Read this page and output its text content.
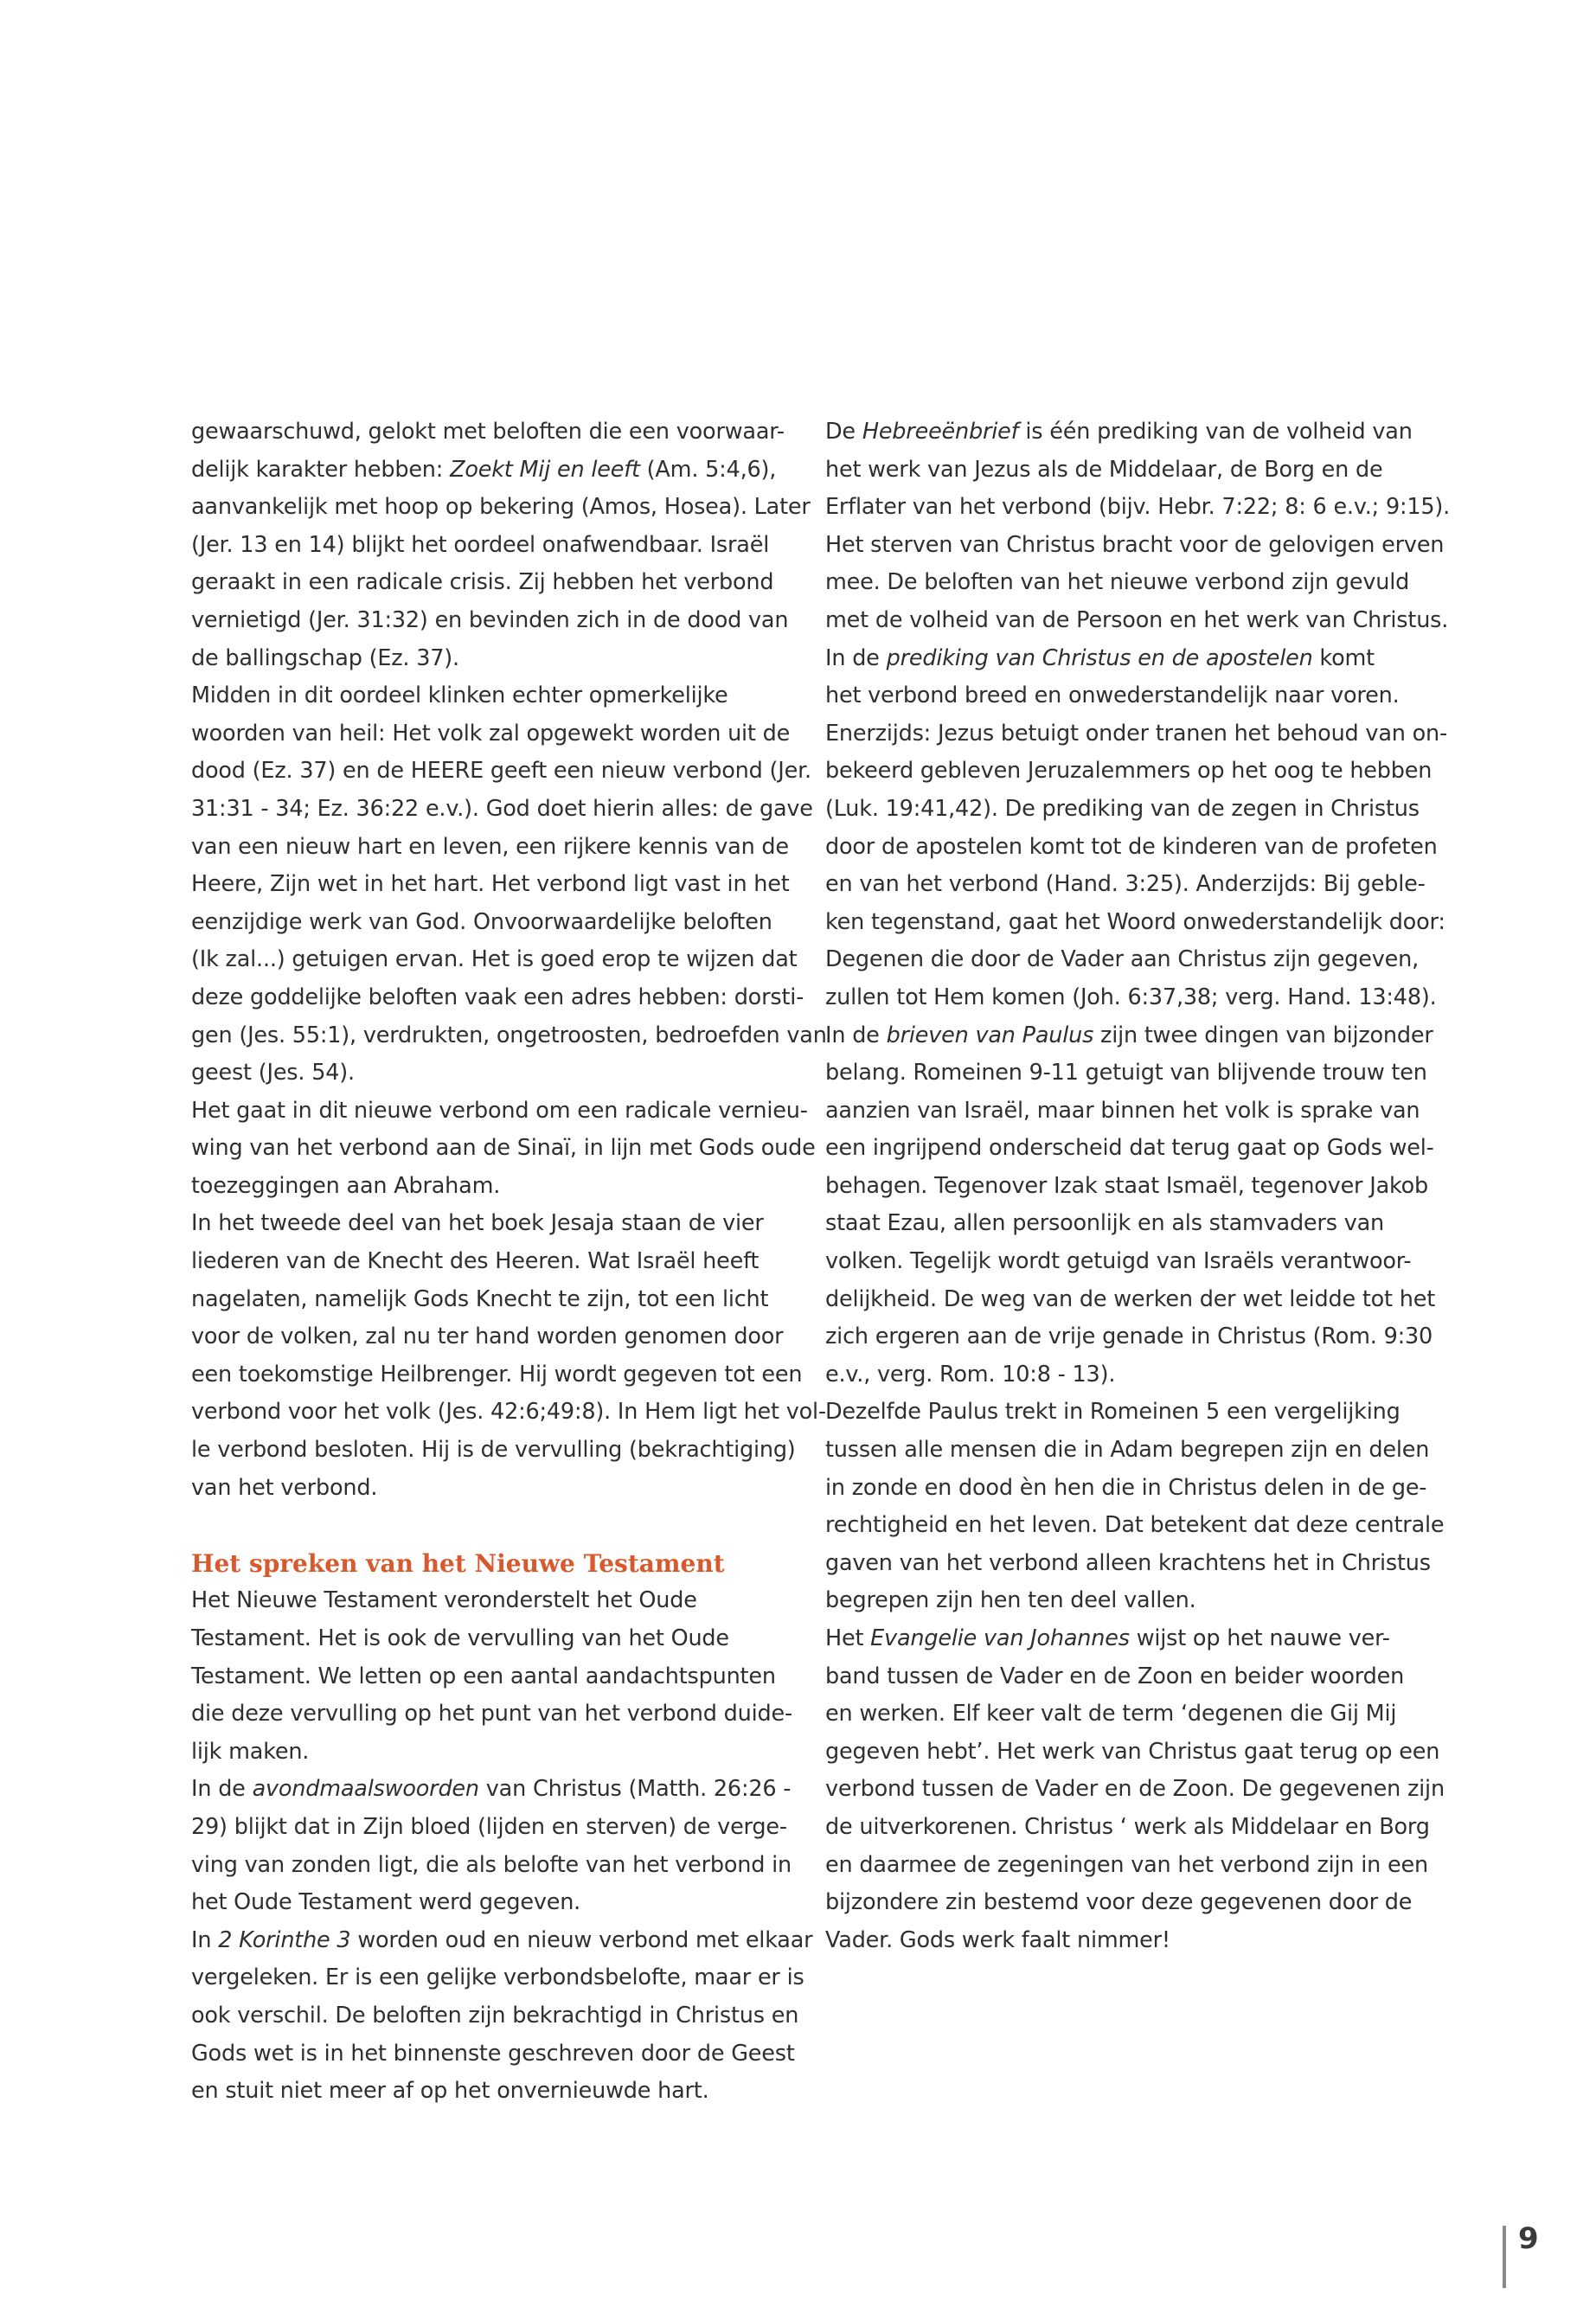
gewaarschuwd, gelokt met beloften die een voorwaar-
delijk karakter hebben: Zoekt Mij en leeft (Am. 5:4,6),
aanvankelijk met hoop op bekering (Amos, Hosea). Later
(Jer. 13 en 14) blijkt het oordeel onafwendbaar. Israël
geraakt in een radicale crisis. Zij hebben het verbond
vernietigd (Jer. 31:32) en bevinden zich in de dood van
de ballingschap (Ez. 37).
Midden in dit oordeel klinken echter opmerkelijke
woorden van heil: Het volk zal opgewekt worden uit de
dood (Ez. 37) en de HEERE geeft een nieuw verbond (Jer.
31:31 - 34; Ez. 36:22 e.v.). God doet hierin alles: de gave
van een nieuw hart en leven, een rijkere kennis van de
Heere, Zijn wet in het hart. Het verbond ligt vast in het
eenzijdige werk van God. Onvoorwaardelijke beloften
(Ik zal...) getuigen ervan. Het is goed erop te wijzen dat
deze goddelijke beloften vaak een adres hebben: dorsti-
gen (Jes. 55:1), verdrukten, ongetroosten, bedroefden van
geest (Jes. 54).
Het gaat in dit nieuwe verbond om een radicale vernieu-
wing van het verbond aan de Sinaï, in lijn met Gods oude
toezeggingen aan Abraham.
In het tweede deel van het boek Jesaja staan de vier
liederen van de Knecht des Heeren. Wat Israël heeft
nagelaten, namelijk Gods Knecht te zijn, tot een licht
voor de volken, zal nu ter hand worden genomen door
een toekomstige Heilbrenger. Hij wordt gegeven tot een
verbond voor het volk (Jes. 42:6;49:8). In Hem ligt het vol-
le verbond besloten. Hij is de vervulling (bekrachtiging)
van het verbond.
Het spreken van het Nieuwe Testament
Het Nieuwe Testament veronderstelt het Oude
Testament. Het is ook de vervulling van het Oude
Testament. We letten op een aantal aandachtspunten
die deze vervulling op het punt van het verbond duide-
lijk maken.
In de avondmaalswoorden van Christus (Matth. 26:26 -
29) blijkt dat in Zijn bloed (lijden en sterven) de verge-
ving van zonden ligt, die als belofte van het verbond in
het Oude Testament werd gegeven.
In 2 Korinthe 3 worden oud en nieuw verbond met elkaar
vergeleken. Er is een gelijke verbondsbelofte, maar er is
ook verschil. De beloften zijn bekrachtigd in Christus en
Gods wet is in het binnenste geschreven door de Geest
en stuit niet meer af op het onvernieuwde hart.
De Hebreeënbrief is één prediking van de volheid van
het werk van Jezus als de Middelaar, de Borg en de
Erflater van het verbond (bijv. Hebr. 7:22; 8: 6 e.v.; 9:15).
Het sterven van Christus bracht voor de gelovigen erven
mee. De beloften van het nieuwe verbond zijn gevuld
met de volheid van de Persoon en het werk van Christus.
In de prediking van Christus en de apostelen komt
het verbond breed en onwederstandelijk naar voren.
Enerzijds: Jezus betuigt onder tranen het behoud van on-
bekeerd gebleven Jeruzalemmers op het oog te hebben
(Luk. 19:41,42). De prediking van de zegen in Christus
door de apostelen komt tot de kinderen van de profeten
en van het verbond (Hand. 3:25). Anderzijds: Bij geble-
ken tegenstand, gaat het Woord onwederstandelijk door:
Degenen die door de Vader aan Christus zijn gegeven,
zullen tot Hem komen (Joh. 6:37,38; verg. Hand. 13:48).
In de brieven van Paulus zijn twee dingen van bijzonder
belang. Romeinen 9-11 getuigt van blijvende trouw ten
aanzien van Israël, maar binnen het volk is sprake van
een ingrijpend onderscheid dat terug gaat op Gods wel-
behagen. Tegenover Izak staat Ismaël, tegenover Jakob
staat Ezau, allen persoonlijk en als stamvaders van
volken. Tegelijk wordt getuigd van Israëls verantwoor-
delijkheid. De weg van de werken der wet leidde tot het
zich ergeren aan de vrije genade in Christus (Rom. 9:30
e.v., verg. Rom. 10:8 - 13).
Dezelfde Paulus trekt in Romeinen 5 een vergelijking
tussen alle mensen die in Adam begrepen zijn en delen
in zonde en dood èn hen die in Christus delen in de ge-
rechtigheid en het leven. Dat betekent dat deze centrale
gaven van het verbond alleen krachtens het in Christus
begrepen zijn hen ten deel vallen.
Het Evangelie van Johannes wijst op het nauwe ver-
band tussen de Vader en de Zoon en beider woorden
en werken. Elf keer valt de term ‘degenen die Gij Mij
gegeven hebt’. Het werk van Christus gaat terug op een
verbond tussen de Vader en de Zoon. De gegevenen zijn
de uitverkorenen. Christus ‘ werk als Middelaar en Borg
en daarmee de zegeningen van het verbond zijn in een
bijzondere zin bestemd voor deze gegevenen door de
Vader. Gods werk faalt nimmer!
9
